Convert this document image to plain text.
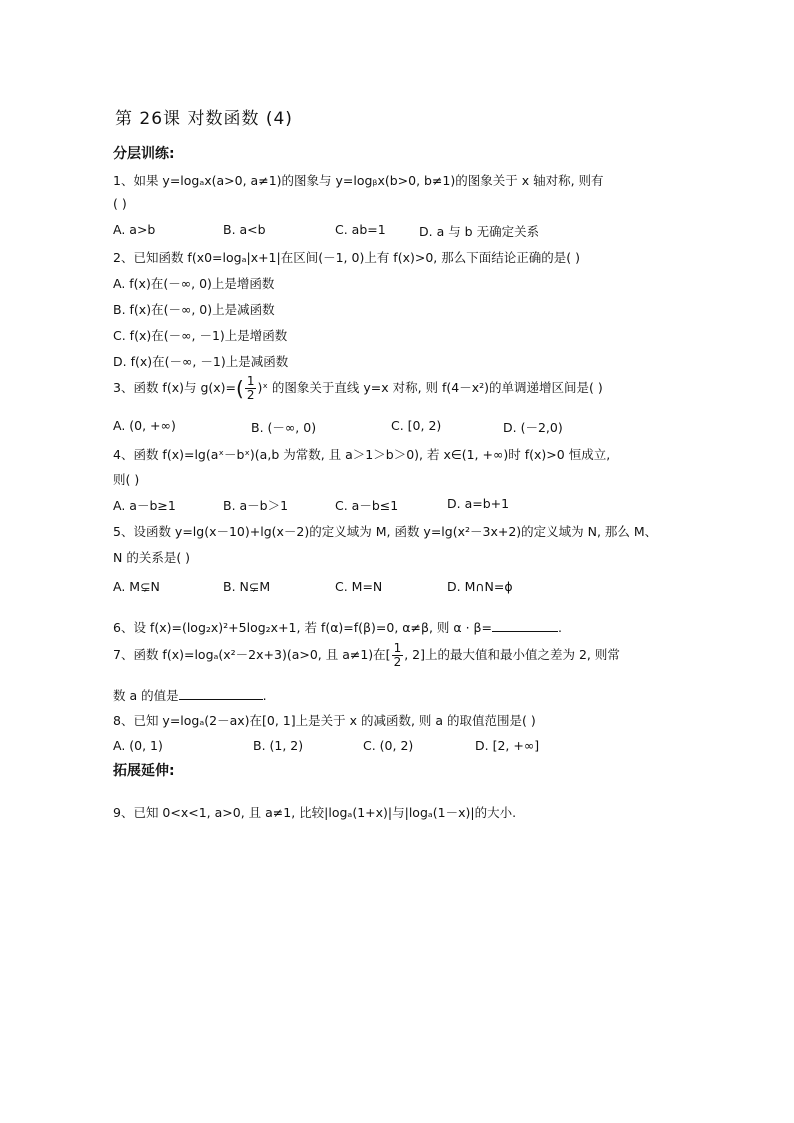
第 26课 对数函数 (4)
分层训练:
1、如果 y=logₐx(a>0, a≠1)的图象与 y=logᵦx(b>0, b≠1)的图象关于 x 轴对称, 则有
( )
A. a>b	B. a<b	C. ab=1	D. a 与 b 无确定关系
2、已知函数 f(x0=logₐ|x+1|在区间(－1, 0)上有 f(x)>0, 那么下面结论正确的是( )
A. f(x)在(－∞, 0)上是增函数
B. f(x)在(－∞, 0)上是减函数
C. f(x)在(－∞, －1)上是增函数
D. f(x)在(－∞, －1)上是减函数
3、函数 f(x)与 $g(x)=( \frac{1}{2}$ )ˣ 的图象关于直线 y=x 对称, 则 f(4－x²)的单调递增区间是( )
A. (0, +∞)	B. (－∞, 0)	C. [0, 2)	D. (－2,0)
4、函数 f(x)=lg(aˣ－bˣ)(a,b 为常数, 且 a＞1＞b＞0), 若 x∈(1, +∞)时 f(x)>0 恒成立,
则( )
A. a－b≥1	B. a－b＞1	C. a－b≤1	D. a=b+1
5、设函数 y=lg(x－10)+lg(x－2)的定义域为 M, 函数 y=lg(x²－3x+2)的定义域为 N, 那么 M、
N 的关系是( )
A. M⊊N	B. N⊊M	C. M=N	D. M∩N=ϕ
6、设 f(x)=(log₂x)²+5log₂x+1, 若 f(α)=f(β)=0, α≠β, 则 α · β=	.
7、函数 f(x)=logₐ(x²－2x+3)(a>0, 且 a≠1)在[ $\frac{1}{2}$ , 2]上的最大值和最小值之差为 2, 则常
数 a 的值是	.
8、已知 y=logₐ(2－ax)在[0, 1]上是关于 x 的减函数, 则 a 的取值范围是( )
A. (0, 1)	B. (1, 2)	C. (0, 2)	D. [2, +∞]
拓展延伸:
9、已知 0<x<1, a>0, 且 a≠1, 比较|logₐ(1+x)|与|logₐ(1－x)|的大小.
